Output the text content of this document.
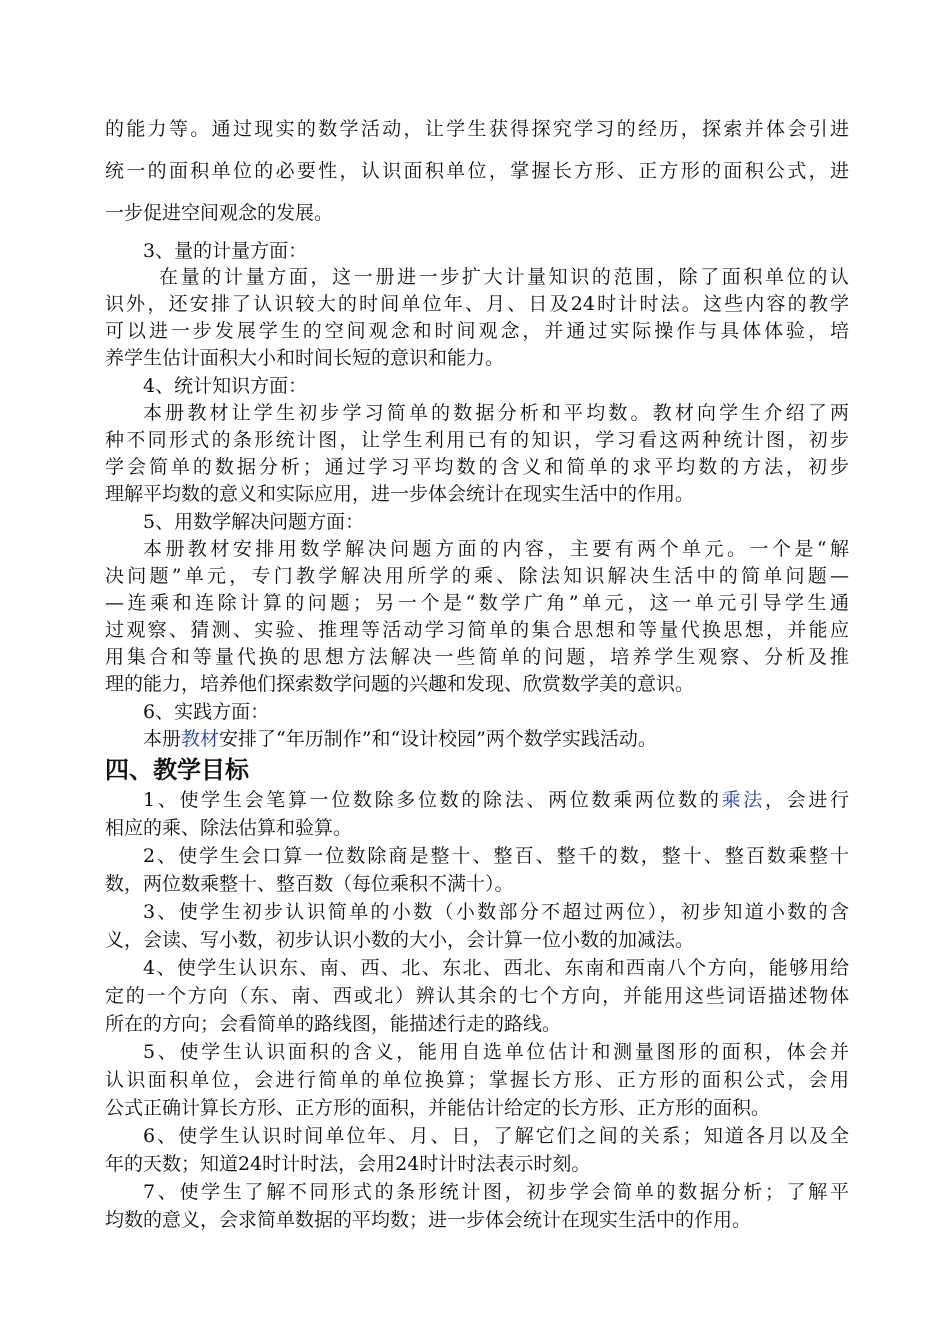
的能力等。通过现实的数学活动，让学生获得探究学习的经历，探索并体会引进
统一的面积单位的必要性，认识面积单位，掌握长方形、正方形的面积公式，进
一步促进空间观念的发展。
3、量的计量方面：
在量的计量方面，这一册进一步扩大计量知识的范围，除了面积单位的认
识外，还安排了认识较大的时间单位年、月、日及24时计时法。这些内容的教学
可以进一步发展学生的空间观念和时间观念，并通过实际操作与具体体验，培
养学生估计面积大小和时间长短的意识和能力。
4、统计知识方面：
本册教材让学生初步学习简单的数据分析和平均数。教材向学生介绍了两
种不同形式的条形统计图，让学生利用已有的知识，学习看这两种统计图，初步
学会简单的数据分析；通过学习平均数的含义和简单的求平均数的方法，初步
理解平均数的意义和实际应用，进一步体会统计在现实生活中的作用。
5、用数学解决问题方面：
本册教材安排用数学解决问题方面的内容，主要有两个单元。一个是“解
决问题”单元，专门教学解决用所学的乘、除法知识解决生活中的简单问题—
—连乘和连除计算的问题；另一个是“数学广角”单元，这一单元引导学生通
过观察、猜测、实验、推理等活动学习简单的集合思想和等量代换思想，并能应
用集合和等量代换的思想方法解决一些简单的问题，培养学生观察、分析及推
理的能力，培养他们探索数学问题的兴趣和发现、欣赏数学美的意识。
6、实践方面：
本册教材安排了“年历制作”和“设计校园”两个数学实践活动。
四、教学目标
1、使学生会笔算一位数除多位数的除法、两位数乘两位数的乘法，会进行
相应的乘、除法估算和验算。
2、使学生会口算一位数除商是整十、整百、整千的数，整十、整百数乘整十
数，两位数乘整十、整百数（每位乘积不满十）。
3、使学生初步认识简单的小数（小数部分不超过两位），初步知道小数的含
义，会读、写小数，初步认识小数的大小，会计算一位小数的加减法。
4、使学生认识东、南、西、北、东北、西北、东南和西南八个方向，能够用给
定的一个方向（东、南、西或北）辨认其余的七个方向，并能用这些词语描述物体
所在的方向；会看简单的路线图，能描述行走的路线。
5、使学生认识面积的含义，能用自选单位估计和测量图形的面积，体会并
认识面积单位，会进行简单的单位换算；掌握长方形、正方形的面积公式，会用
公式正确计算长方形、正方形的面积，并能估计给定的长方形、正方形的面积。
6、使学生认识时间单位年、月、日，了解它们之间的关系；知道各月以及全
年的天数；知道24时计时法，会用24时计时法表示时刻。
7、使学生了解不同形式的条形统计图，初步学会简单的数据分析；了解平
均数的意义，会求简单数据的平均数；进一步体会统计在现实生活中的作用。
